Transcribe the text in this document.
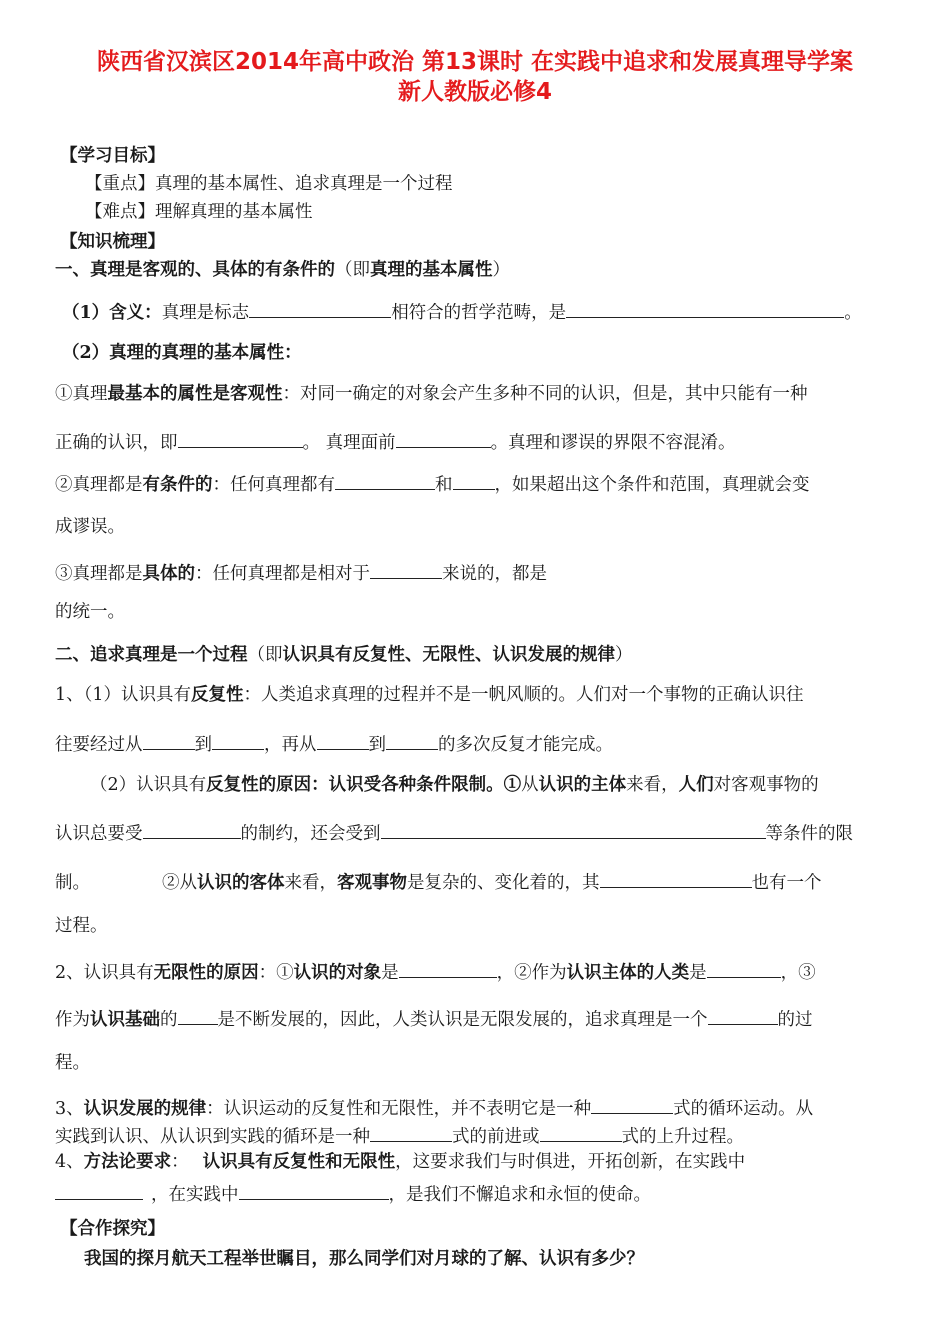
陕西省汉滨区2014年高中政治 第13课时 在实践中追求和发展真理导学案
新人教版必修4
【学习目标】
【重点】真理的基本属性、追求真理是一个过程
【难点】理解真理的基本属性
【知识梳理】
一、真理是客观的、具体的有条件的（即真理的基本属性）
（1）含义：真理是标志	相符合的哲学范畴，是	。
（2）真理的真理的基本属性：
①真理最基本的属性是客观性：对同一确定的对象会产生多种不同的认识，但是，其中只能有一种
正确的认识，即	。 真理面前	。真理和谬误的界限不容混淆。
②真理都是有条件的：任何真理都有	和 ，如果超出这个条件和范围，真理就会变
成谬误。
③真理都是具体的：任何真理都是相对于	来说的，都是
的统一。
二、追求真理是一个过程（即认识具有反复性、无限性、认识发展的规律）
1、（1）认识具有反复性：人类追求真理的过程并不是一帆风顺的。人们对一个事物的正确认识往
往要经过从	到	，再从	到	的多次反复才能完成。
（2）认识具有反复性的原因：认识受各种条件限制。①从认识的主体来看，人们对客观事物的
认识总要受	的制约，还会受到	等条件的限
制。	②从认识的客体来看，客观事物是复杂的、变化着的，其	也有一个
过程。
2、认识具有无限性的原因：①认识的对象是	，②作为认识主体的人类是	，③
作为认识基础的 是不断发展的，因此，人类认识是无限发展的，追求真理是一个	的过
程。
3、认识发展的规律：认识运动的反复性和无限性，并不表明它是一种	式的循环运动。从
实践到认识、从认识到实践的循环是一种	式的前进或	式的上升过程。
4、方法论要求： 认识具有反复性和无限性，这要求我们与时俱进，开拓创新，在实践中
，在实践中	，是我们不懈追求和永恒的使命。
【合作探究】
我国的探月航天工程举世瞩目，那么同学们对月球的了解、认识有多少？
